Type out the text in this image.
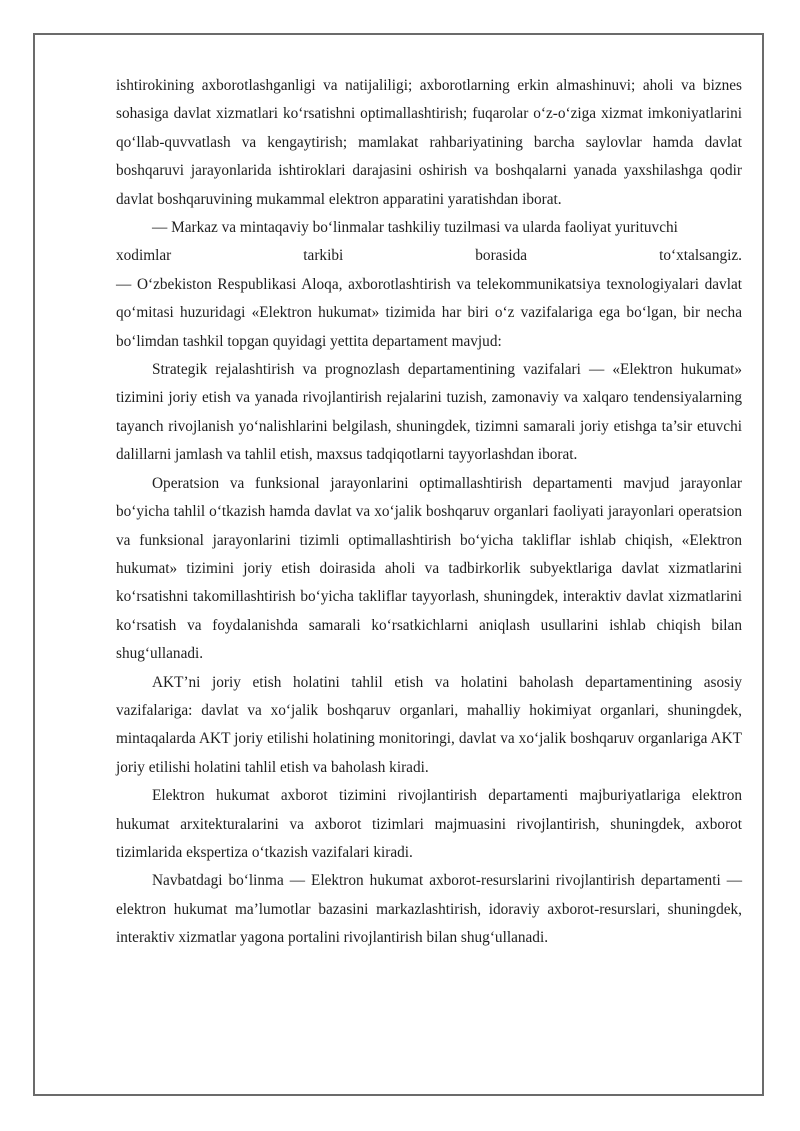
ishtirokining axborotlashganligi va natijaliligi; axborotlarning erkin almashinuvi; aholi va biznes sohasiga davlat xizmatlari ko‘rsatishni optimallashtirish; fuqarolar o‘z-o‘ziga xizmat imkoniyatlarini qo‘llab-quvvatlash va kengaytirish; mamlakat rahbariyatining barcha saylovlar hamda davlat boshqaruvi jarayonlarida ishtiroklari darajasini oshirish va boshqalarni yanada yaxshilashga qodir davlat boshqaruvining mukammal elektron apparatini yaratishdan iborat.

— Markaz va mintaqaviy bo‘linmalar tashkiliy tuzilmasi va ularda faoliyat yurituvchi

xodimlar	tarkibi	borasida	to‘xtalsangiz.

— O‘zbekiston Respublikasi Aloqa, axborotlashtirish va telekommunikatsiya texnologiyalari davlat qo‘mitasi huzuridagi «Elektron hukumat» tizimida har biri o‘z vazifalariga ega bo‘lgan, bir necha bo‘limdan tashkil topgan quyidagi yettita departament mavjud:

Strategik rejalashtirish va prognozlash departamentining vazifalari — «Elektron hukumat» tizimini joriy etish va yanada rivojlantirish rejalarini tuzish, zamonaviy va xalqaro tendensiyalarning tayanch rivojlanish yo‘nalishlarini belgilash, shuningdek, tizimni samarali joriy etishga ta’sir etuvchi dalillarni jamlash va tahlil etish, maxsus tadqiqotlarni tayyorlashdan iborat.

Operatsion va funksional jarayonlarini optimallashtirish departamenti mavjud jarayonlar bo‘yicha tahlil o‘tkazish hamda davlat va xo‘jalik boshqaruv organlari faoliyati jarayonlari operatsion va funksional jarayonlarini tizimli optimallashtirish bo‘yicha takliflar ishlab chiqish, «Elektron hukumat» tizimini joriy etish doirasida aholi va tadbirkorlik subyektlariga davlat xizmatlarini ko‘rsatishni takomillashtirish bo‘yicha takliflar tayyorlash, shuningdek, interaktiv davlat xizmatlarini ko‘rsatish va foydalanishda samarali ko‘rsatkichlarni aniqlash usullarini ishlab chiqish bilan shug‘ullanadi.

AKT’ni joriy etish holatini tahlil etish va holatini baholash departamentining asosiy vazifalariga: davlat va xo‘jalik boshqaruv organlari, mahalliy hokimiyat organlari, shuningdek, mintaqalarda AKT joriy etilishi holatining monitoringi, davlat va xo‘jalik boshqaruv organlariga AKT joriy etilishi holatini tahlil etish va baholash kiradi.

Elektron hukumat axborot tizimini rivojlantirish departamenti majburiyatlariga elektron hukumat arxitekturalarini va axborot tizimlari majmuasini rivojlantirish, shuningdek, axborot tizimlarida ekspertiza o‘tkazish vazifalari kiradi.

Navbatdagi bo‘linma — Elektron hukumat axborot-resurslarini rivojlantirish departamenti — elektron hukumat ma’lumotlar bazasini markazlashtirish, idoraviy axborot-resurslari, shuningdek, interaktiv xizmatlar yagona portalini rivojlantirish bilan shug‘ullanadi.
